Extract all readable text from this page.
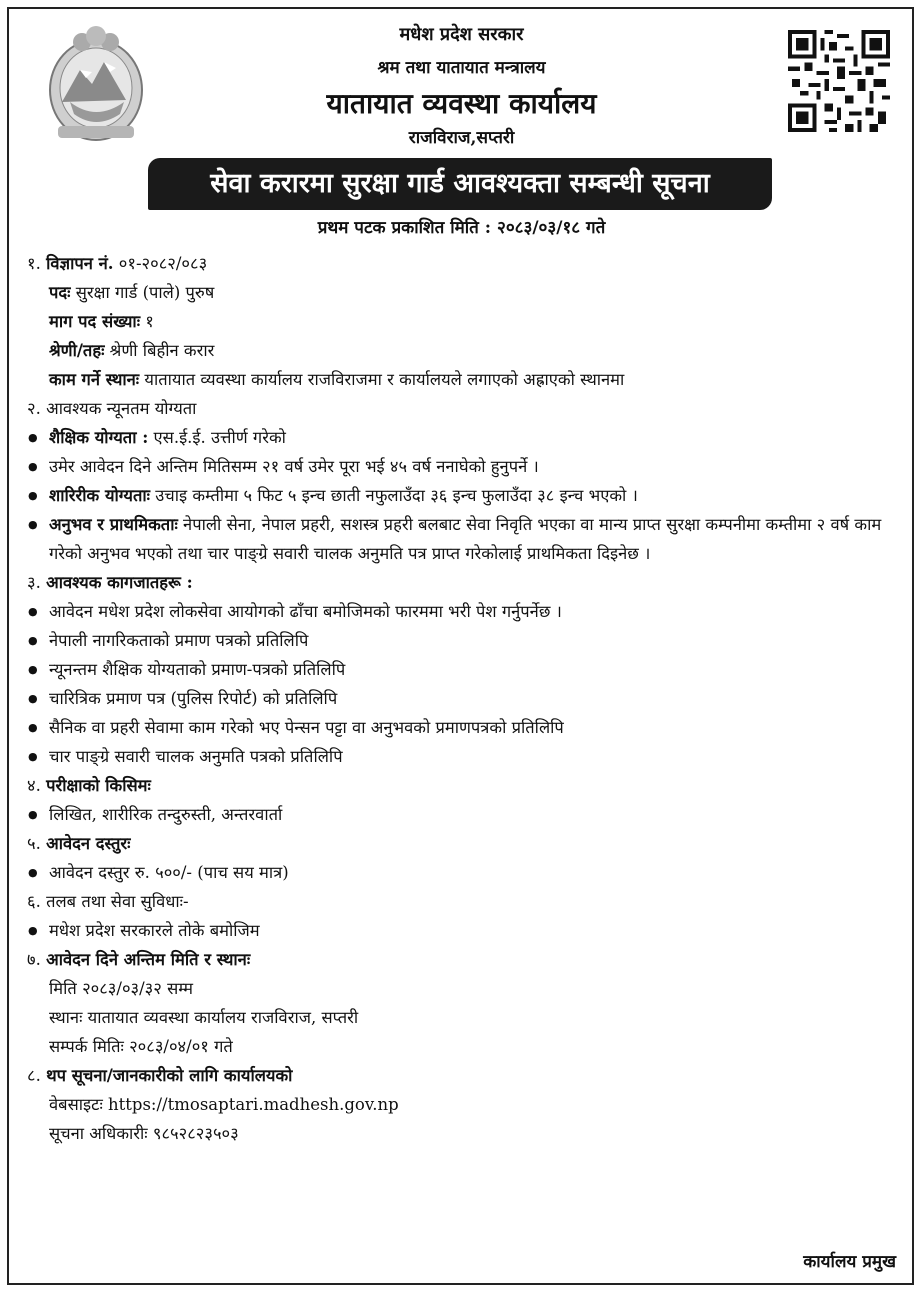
मधेश प्रदेश सरकार
श्रम तथा यातायात मन्त्रालय
यातायात व्यवस्था कार्यालय
राजविराज,सप्तरी
सेवा करारमा सुरक्षा गार्ड आवश्यक्ता सम्बन्धी सूचना
प्रथम पटक प्रकाशित मिति : २०८३/०३/१८ गते
१. विज्ञापन नं. ०१-२०८२/०८३
पदः सुरक्षा गार्ड (पाले) पुरुष
माग पद संख्याः १
श्रेणी/तहः श्रेणी बिहीन करार
काम गर्ने स्थानः यातायात व्यवस्था कार्यालय राजविराजमा र कार्यालयले लगाएको अह्राएको स्थानमा
२. आवश्यक न्यूनतम योग्यता
● शैक्षिक योग्यता : एस.ई.ई. उत्तीर्ण गरेको
● उमेर आवेदन दिने अन्तिम मितिसम्म २१ वर्ष उमेर पूरा भई ४५ वर्ष ननाघेको हुनुपर्ने ।
● शारिरीक योग्यताः उचाइ कम्तीमा ५ फिट ५ इन्च छाती नफुलाउँदा ३६ इन्च फुलाउँदा ३८ इन्च भएको ।
● अनुभव र प्राथमिकताः नेपाली सेना, नेपाल प्रहरी, सशस्त्र प्रहरी बलबाट सेवा निवृति भएका वा मान्य प्राप्त सुरक्षा कम्पनीमा कम्तीमा २ वर्ष काम गरेको अनुभव भएको तथा चार पाङ्ग्रे सवारी चालक अनुमति पत्र प्राप्त गरेकोलाई प्राथमिकता दिइनेछ ।
३. आवश्यक कागजातहरू :
● आवेदन मधेश प्रदेश लोकसेवा आयोगको ढाँचा बमोजिमको फारममा भरी पेश गर्नुपर्नेछ ।
● नेपाली नागरिकताको प्रमाण पत्रको प्रतिलिपि
● न्यूनन्तम शैक्षिक योग्यताको प्रमाण-पत्रको प्रतिलिपि
● चारित्रिक प्रमाण पत्र (पुलिस रिपोर्ट) को प्रतिलिपि
● सैनिक वा प्रहरी सेवामा काम गरेको भए पेन्सन पट्टा वा अनुभवको प्रमाणपत्रको प्रतिलिपि
● चार पाङ्ग्रे सवारी चालक अनुमति पत्रको प्रतिलिपि
४. परीक्षाको किसिमः
● लिखित, शारीरिक तन्दुरुस्ती, अन्तरवार्ता
५. आवेदन दस्तुरः
● आवेदन दस्तुर रु. ५००/- (पाच सय मात्र)
६. तलब तथा सेवा सुविधाः-
● मधेश प्रदेश सरकारले तोके बमोजिम
७. आवेदन दिने अन्तिम मिति र स्थानः
मिति २०८३/०३/३२ सम्म
स्थानः यातायात व्यवस्था कार्यालय राजविराज, सप्तरी
सम्पर्क मितिः २०८३/०४/०१ गते
८. थप सूचना/जानकारीको लागि कार्यालयको
वेबसाइटः https://tmosaptari.madhesh.gov.np
सूचना अधिकारीः ९८५२८२३५०३
कार्यालय प्रमुख
